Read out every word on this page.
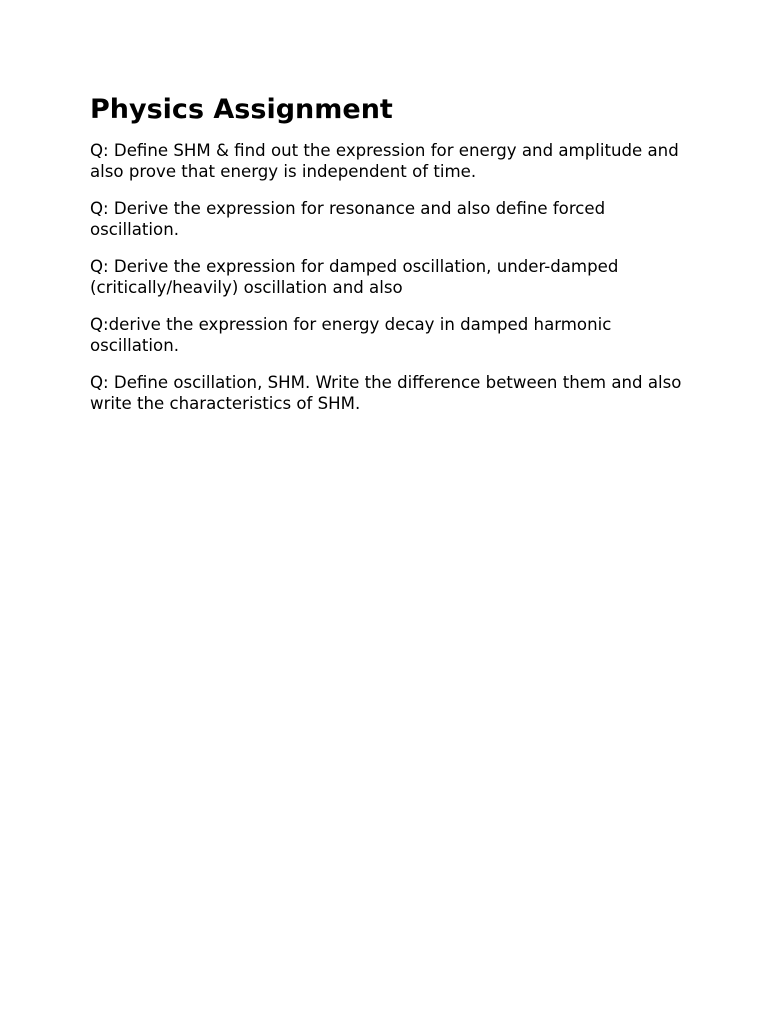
Physics Assignment

Q: Define SHM & find out the expression for energy and amplitude and also prove that energy is independent of time.

Q: Derive the expression for resonance and also define forced oscillation.

Q: Derive the expression for damped oscillation, under-damped (critically/heavily) oscillation and also

Q:derive the expression for energy decay in damped harmonic oscillation.

Q: Define oscillation, SHM. Write the difference between them and also write the characteristics of SHM.
